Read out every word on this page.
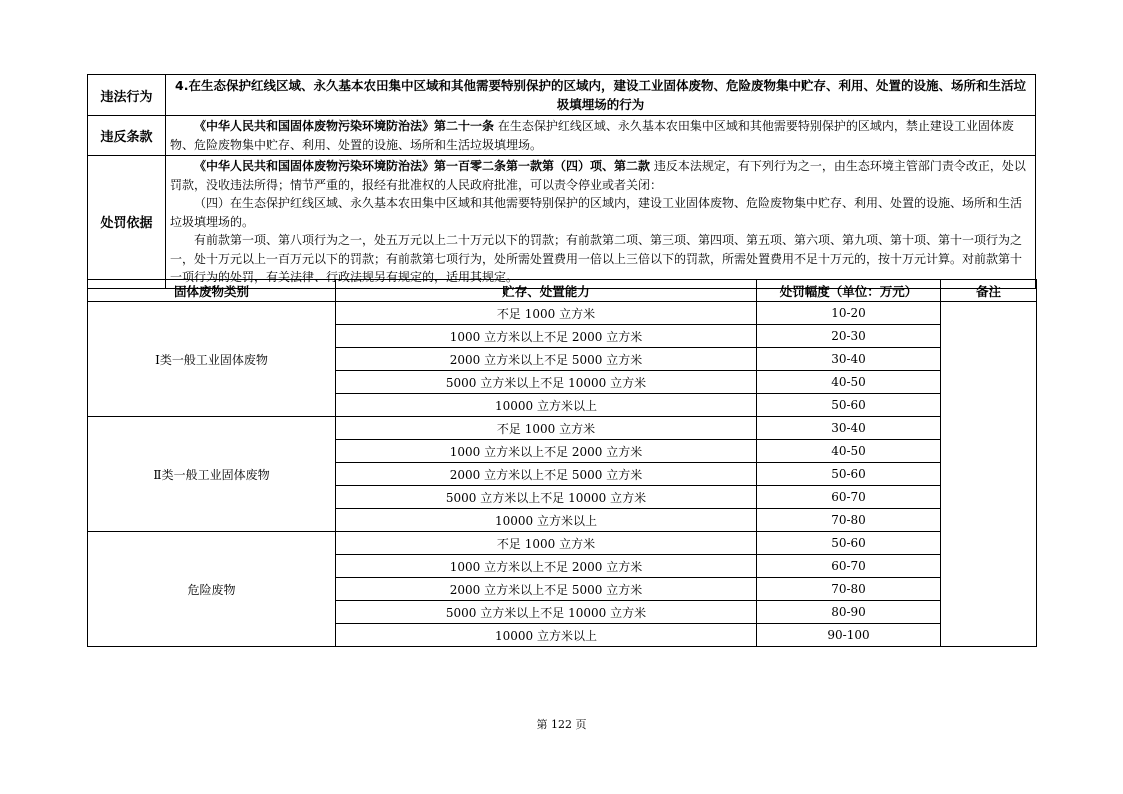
违法行为	4.在生态保护红线区域、永久基本农田集中区域和其他需要特别保护的区域内，建设工业固体废物、危险废物集中贮存、利用、处置的设施、场所和生活垃圾填埋场的行为
违反条款	《中华人民共和国固体废物污染环境防治法》第二十一条 在生态保护红线区域、永久基本农田集中区域和其他需要特别保护的区域内，禁止建设工业固体废物、危险废物集中贮存、利用、处置的设施、场所和生活垃圾填埋场。

处罚依据	《中华人民共和国固体废物污染环境防治法》第一百零二条第一款第（四）项、第二款 违反本法规定，有下列行为之一，由生态环境主管部门责令改正，处以罚款，没收违法所得；情节严重的，报经有批准权的人民政府批准，可以责令停业或者关闭：

（四）在生态保护红线区域、永久基本农田集中区域和其他需要特别保护的区域内，建设工业固体废物、危险废物集中贮存、利用、处置的设施、场所和生活垃圾填埋场的。

有前款第一项、第八项行为之一，处五万元以上二十万元以下的罚款；有前款第二项、第三项、第四项、第五项、第六项、第九项、第十项、第十一项行为之一，处十万元以上一百万元以下的罚款；有前款第七项行为，处所需处置费用一倍以上三倍以下的罚款，所需处置费用不足十万元的，按十万元计算。对前款第十一项行为的处罚，有关法律、行政法规另有规定的，适用其规定。

固体废物类别	贮存、处置能力	处罚幅度（单位：万元）	备注
Ⅰ类一般工业固体废物	不足 1000 立方米	10-20	
	1000 立方米以上不足 2000 立方米	20-30	
	2000 立方米以上不足 5000 立方米	30-40	
	5000 立方米以上不足 10000 立方米	40-50	
	10000 立方米以上	50-60	
Ⅱ类一般工业固体废物	不足 1000 立方米	30-40	
	1000 立方米以上不足 2000 立方米	40-50	
	2000 立方米以上不足 5000 立方米	50-60	
	5000 立方米以上不足 10000 立方米	60-70	
	10000 立方米以上	70-80	
危险废物	不足 1000 立方米	50-60	
	1000 立方米以上不足 2000 立方米	60-70	
	2000 立方米以上不足 5000 立方米	70-80	
	5000 立方米以上不足 10000 立方米	80-90	
	10000 立方米以上	90-100	
第 122 页
